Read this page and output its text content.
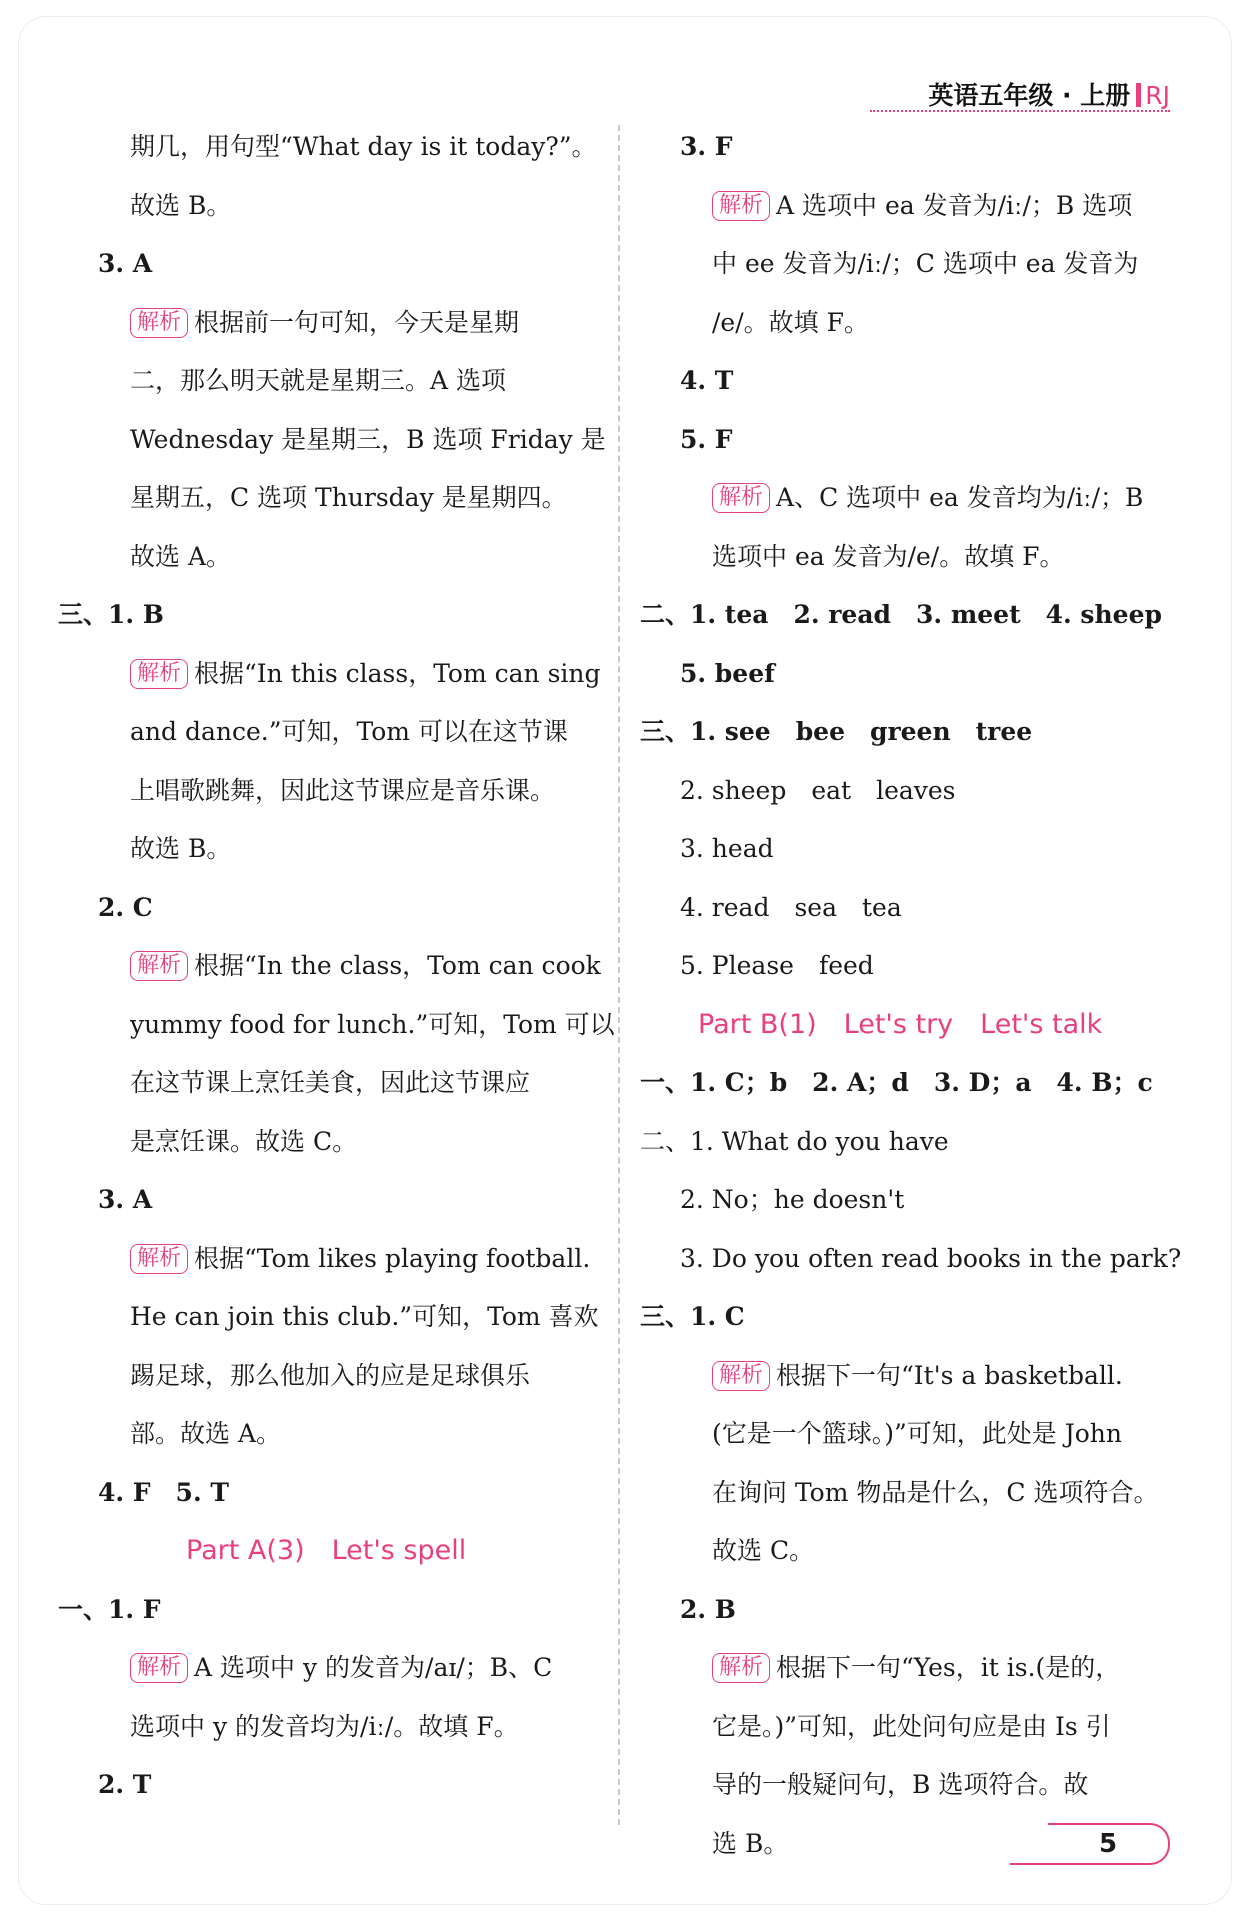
英语五年级 · 上册 RJ
期几，用句型“What day is it today?”。
故选 B。
3. A
解析 根据前一句可知，今天是星期
二，那么明天就是星期三。A 选项
Wednesday 是星期三，B 选项 Friday 是
星期五，C 选项 Thursday 是星期四。
故选 A。
三、1. B
解析 根据“In this class，Tom can sing
and dance.”可知，Tom 可以在这节课
上唱歌跳舞，因此这节课应是音乐课。
故选 B。
2. C
解析 根据“In the class，Tom can cook
yummy food for lunch.”可知，Tom 可以
在这节课上烹饪美食，因此这节课应
是烹饪课。故选 C。
3. A
解析 根据“Tom likes playing football.
He can join this club.”可知，Tom 喜欢
踢足球，那么他加入的应是足球俱乐
部。故选 A。
4. F　5. T
Part A(3)　Let's spell
一、1. F
解析 A 选项中 y 的发音为/aɪ/；B、C
选项中 y 的发音均为/iː/。故填 F。
2. T
3. F
解析 A 选项中 ea 发音为/iː/；B 选项
中 ee 发音为/iː/；C 选项中 ea 发音为
/e/。故填 F。
4. T
5. F
解析 A、C 选项中 ea 发音均为/iː/；B
选项中 ea 发音为/e/。故填 F。
二、1. tea　2. read　3. meet　4. sheep
5. beef
三、1. see　bee　green　tree
2. sheep　eat　leaves
3. head
4. read　sea　tea
5. Please　feed
Part B(1)　Let's try　Let's talk
一、1. C；b　2. A；d　3. D；a　4. B；c
二、1. What do you have
2. No；he doesn't
3. Do you often read books in the park?
三、1. C
解析 根据下一句“It's a basketball.
(它是一个篮球。)”可知，此处是 John
在询问 Tom 物品是什么，C 选项符合。
故选 C。
2. B
解析 根据下一句“Yes，it is.(是的，
它是。)”可知，此处问句应是由 Is 引
导的一般疑问句，B 选项符合。故
选 B。	5
